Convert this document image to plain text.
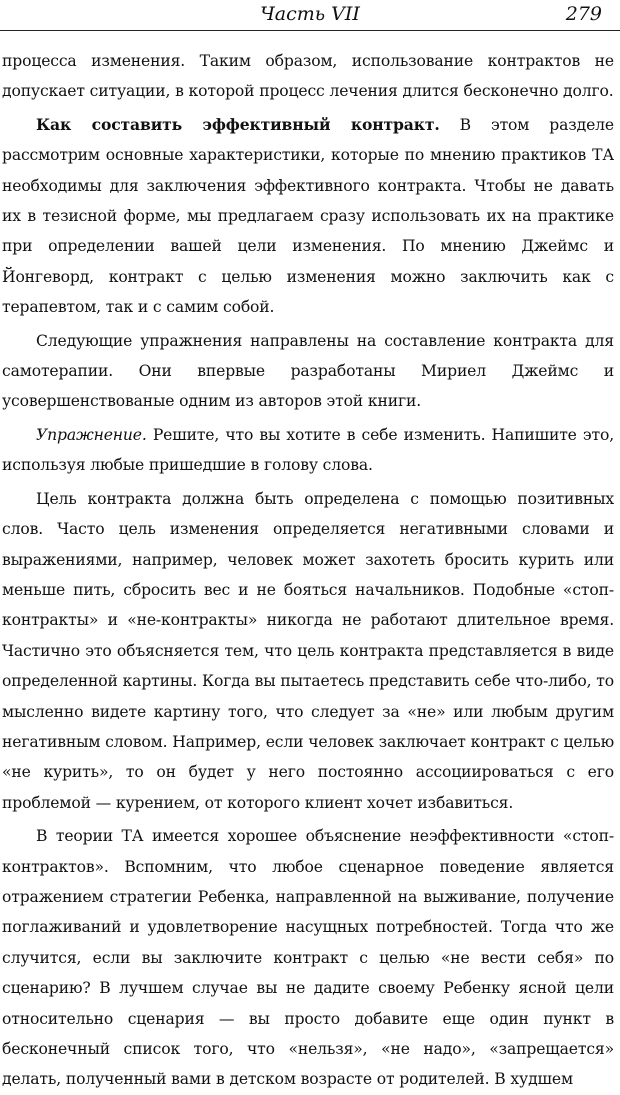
Часть VII	279

процесса изменения. Таким образом, использование контрактов не допускает ситуации, в которой процесс лечения длится бесконечно долго.

Как составить эффективный контракт. В этом разделе рассмотрим основные характеристики, которые по мнению практиков ТА необходимы для заключения эффективного контракта. Чтобы не давать их в тезисной форме, мы предлагаем сразу использовать их на практике при определении вашей цели изменения. По мнению Джеймс и Йонгеворд, контракт с целью изменения можно заключить как с терапевтом, так и с самим собой.

Следующие упражнения направлены на составление контракта для самотерапии. Они впервые разработаны Мириел Джеймс и усовершенствованые одним из авторов этой книги.

Упражнение. Решите, что вы хотите в себе изменить. Напишите это, используя любые пришедшие в голову слова.

Цель контракта должна быть определена с помощью позитивных слов. Часто цель изменения определяется негативными словами и выражениями, например, человек может захотеть бросить курить или меньше пить, сбросить вес и не бояться начальников. Подобные «стоп-контракты» и «не-контракты» никогда не работают длительное время. Частично это объясняется тем, что цель контракта представляется в виде определенной картины. Когда вы пытаетесь представить себе что-либо, то мысленно видете картину того, что следует за «не» или любым другим негативным словом. Например, если человек заключает контракт с целью «не курить», то он будет у него постоянно ассоциироваться с его проблемой — курением, от которого клиент хочет избавиться.

В теории ТА имеется хорошее объяснение неэффективности «стоп-контрактов». Вспомним, что любое сценарное поведение является отражением стратегии Ребенка, направленной на выживание, получение поглаживаний и удовлетворение насущных потребностей. Тогда что же случится, если вы заключите контракт с целью «не вести себя» по сценарию? В лучшем случае вы не дадите своему Ребенку ясной цели относительно сценария — вы просто добавите еще один пункт в бесконечный список того, что «нельзя», «не надо», «запрещается» делать, полученный вами в детском возрасте от родителей. В худшем
